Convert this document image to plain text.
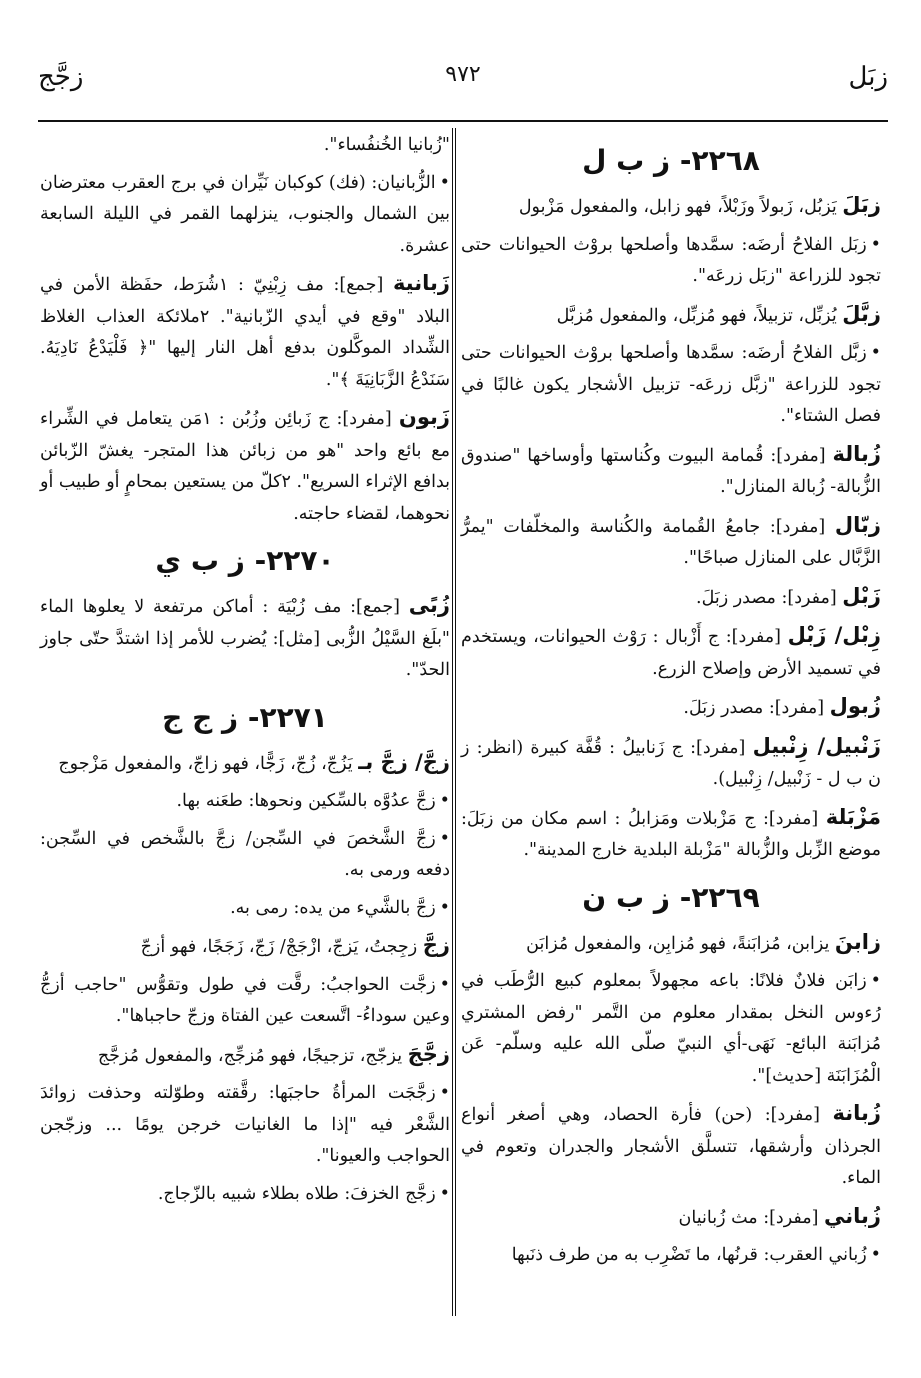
زبَل
٩٧٢
زجَّج
٢٢٦٨- ز ب ل
زبَلَ يَزبُل، زَبولاً وزَبْلاً، فهو زابل، والمفعول مَزْبول
•زبَل الفلاحُ أرضَه: سمَّدها وأصلحها بروْث الحيوانات حتى تجود للزراعة "زبَل زرعَه".
زبَّلَ يُزبِّل، تزبيلاً، فهو مُزبِّل، والمفعول مُزبَّل
•زبَّل الفلاحُ أرضَه: سمَّدها وأصلحها بروْث الحيوانات حتى تجود للزراعة "زبَّل زرعَه- تزبيل الأشجار يكون غالبًا في فصل الشتاء".
زُبالة [مفرد]: قُمامة البيوت وكُناستها وأوساخها "صندوق الزُّبالة- زُبالة المنازل".
زبّال [مفرد]: جامعُ القُمامة والكُناسة والمخلّفات "يمرُّ الزَّبَّال على المنازل صباحًا".
زَبْل [مفرد]: مصدر زبَلَ.
زِبْل/ زَبْل [مفرد]: ج أَزْبال : رَوْث الحيوانات، ويستخدم في تسميد الأرض وإصلاح الزرع.
زُبول [مفرد]: مصدر زبَلَ.
زَنْبيل/ زِنْبيل [مفرد]: ج زَنابيلُ : قُفَّة كبيرة (انظر: ز ن ب ل - زَنْبيل/ زِنْبيل).
مَزْبَلة [مفرد]: ج مَزْبلات ومَزابلُ : اسم مكان من زبَلَ: موضع الزِّبل والزُّبالة "مَزْبلة البلدية خارج المدينة".
٢٢٦٩- ز ب ن
زابنَ يزابن، مُزابَنةً، فهو مُزابِن، والمفعول مُزابَن
•زابَن فلانٌ فلانًا: باعه مجهولاً بمعلوم كبيع الرُّطَب في رُءوس النخل بمقدار معلوم من التَّمر "رفض المشتري مُزابَنة البائع- نَهَى-أي النبيّ صلّى الله عليه وسلّم- عَن الْمُزَابَنَة [حديث]".
زُبانة [مفرد]: (حن) فأرة الحصاد، وهي أصغر أنواع الجرذان وأرشقها، تتسلَّق الأشجار والجدران وتعوم في الماء.
زُباني [مفرد]: مث زُبانيان
•زُباني العقرب: قرنُها، ما تَضْرِب به من طرف ذنَبها
"زُبانيا الخُنفُساء".
•الزُّبانيان: (فك) كوكبان نَيِّران في برج العقرب معترضان بين الشمال والجنوب، ينزلهما القمر في الليلة السابعة عشرة.
زَبانية [جمع]: مف زِبْنِيّ : ١شُرَط، حفَظة الأمن في البلاد "وقع في أيدي الزّبانية". ٢ملائكة العذاب الغلاظ الشِّداد الموكَّلون بدفع أهل النار إليها "﴿ فَلْيَدْعُ نَادِيَهُ. سَنَدْعُ الزَّبَانِيَةَ ﴾".
زَبون [مفرد]: ج زَبائِن وزُبُن : ١مَن يتعامل في الشِّراء مع بائع واحد "هو من زبائن هذا المتجر- يغشّ الزّبائن بدافع الإثراء السريع". ٢كلّ من يستعين بمحامٍ أو طبيب أو نحوهما، لقضاء حاجته.
٢٢٧٠- ز ب ي
زُبًى [جمع]: مف زُبْيَة : أماكن مرتفعة لا يعلوها الماء "بلَغ السَّيْلُ الزُّبى [مثل]: يُضرب للأمر إذا اشتدَّ حتّى جاوز الحدّ".
٢٢٧١- ز ج ج
زجَّ/ زجَّ بـ يَزُجّ، زُجّ، زَجًّا، فهو زاجّ، والمفعول مَزْجوج
•زجَّ عدُوَّه بالسِّكين ونحوها: طعَنه بها.
•زجَّ الشَّخصَ في السِّجن/ زجَّ بالشَّخص في السِّجن: دفعه ورمى به.
•زجَّ بالشَّيء من يده: رمى به.
زجَّ زجِجتُ، يَزجّ، ازْجَجْ/ زَجّ، زَجَجًا، فهو أزجّ
•زجَّت الحواجبُ: رقَّت في طول وتقوُّس "حاجب أزجُّ وعين سوداءُ- اتَّسعت عين الفتاة وزجّ حاجباها".
زجَّجَ يزجّج، تزجيجًا، فهو مُزجِّج، والمفعول مُزجَّج
•زجَّجَت المرأةُ حاجبَها: رقَّقته وطوّلته وحذفت زوائدَ الشَّعْر فيه "إذا ما الغانيات خرجن يومًا ... وزجّجن الحواجب والعيونا".
•زجَّج الخزفَ: طلاه بطلاء شبيه بالزّجاج.
